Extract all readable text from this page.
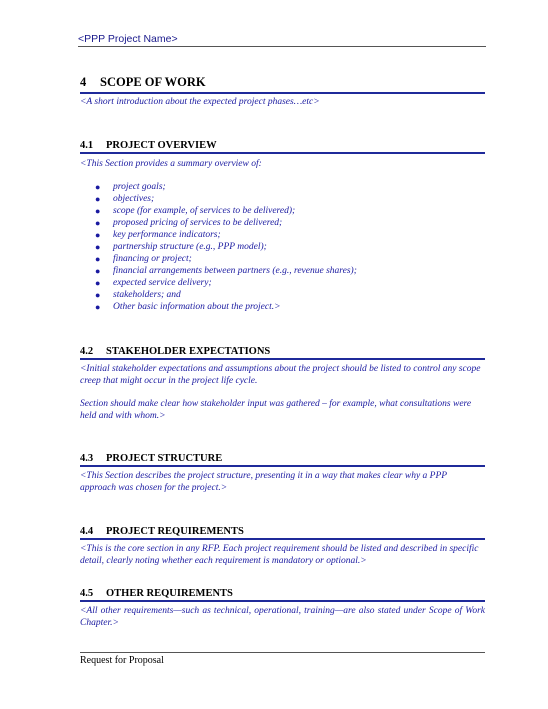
<PPP Project Name>
4 SCOPE OF WORK
<A short introduction about the expected project phases…etc>
4.1 PROJECT OVERVIEW
<This Section provides a summary overview of:
● project goals;
● objectives;
● scope (for example, of services to be delivered);
● proposed pricing of services to be delivered;
● key performance indicators;
● partnership structure (e.g., PPP model);
● financing or project;
● financial arrangements between partners (e.g., revenue shares);
● expected service delivery;
● stakeholders; and
● Other basic information about the project.>
4.2 STAKEHOLDER EXPECTATIONS
<Initial stakeholder expectations and assumptions about the project should be listed to control any scope creep that might occur in the project life cycle.
Section should make clear how stakeholder input was gathered – for example, what consultations were held and with whom.>
4.3 PROJECT STRUCTURE
<This Section describes the project structure, presenting it in a way that makes clear why a PPP approach was chosen for the project.>
4.4 PROJECT REQUIREMENTS
<This is the core section in any RFP. Each project requirement should be listed and described in specific detail, clearly noting whether each requirement is mandatory or optional.>
4.5 OTHER REQUIREMENTS
<All other requirements—such as technical, operational, training—are also stated under Scope of Work Chapter.>
Request for Proposal
